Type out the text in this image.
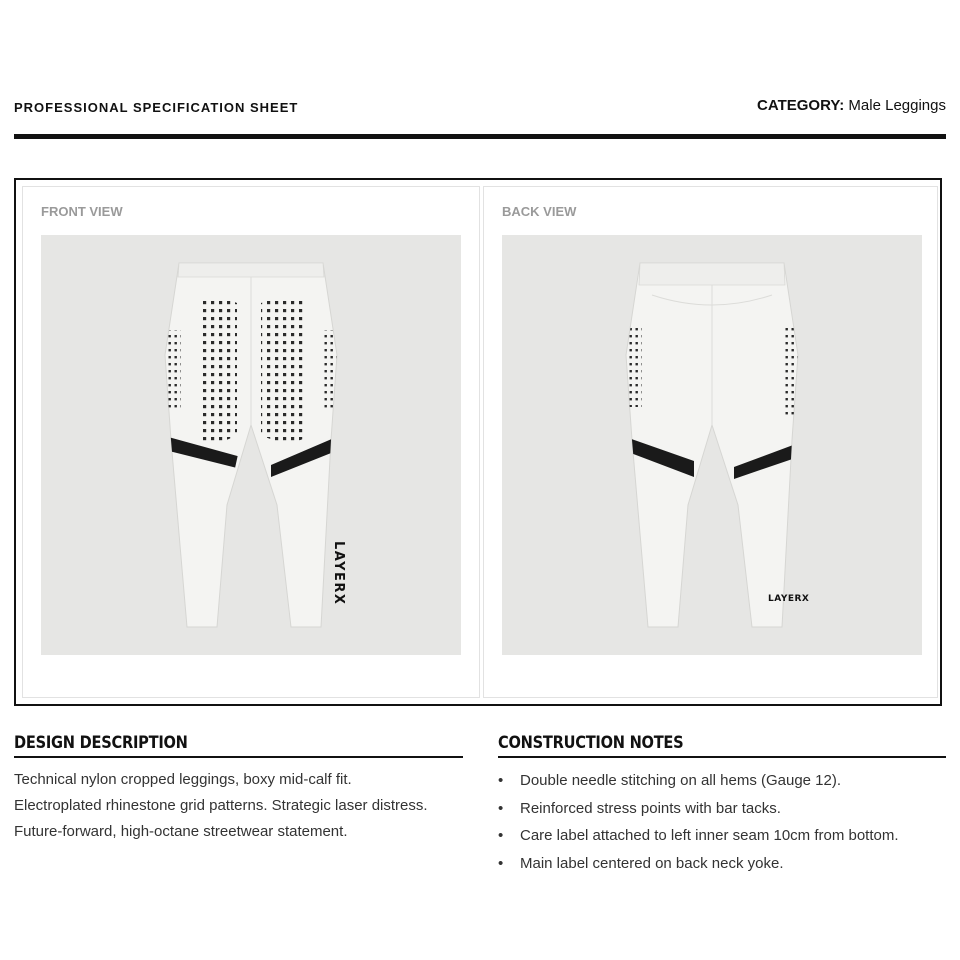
PROFESSIONAL SPECIFICATION SHEET	CATEGORY: Male Leggings
FRONT VIEW
LAYERX
BACK VIEW
LAYERX
DESIGN DESCRIPTION
Technical nylon cropped leggings, boxy mid-calf fit.
Electroplated rhinestone grid patterns. Strategic laser distress.
Future-forward, high-octane streetwear statement.
CONSTRUCTION NOTES
• Double needle stitching on all hems (Gauge 12).
• Reinforced stress points with bar tacks.
• Care label attached to left inner seam 10cm from bottom.
• Main label centered on back neck yoke.
